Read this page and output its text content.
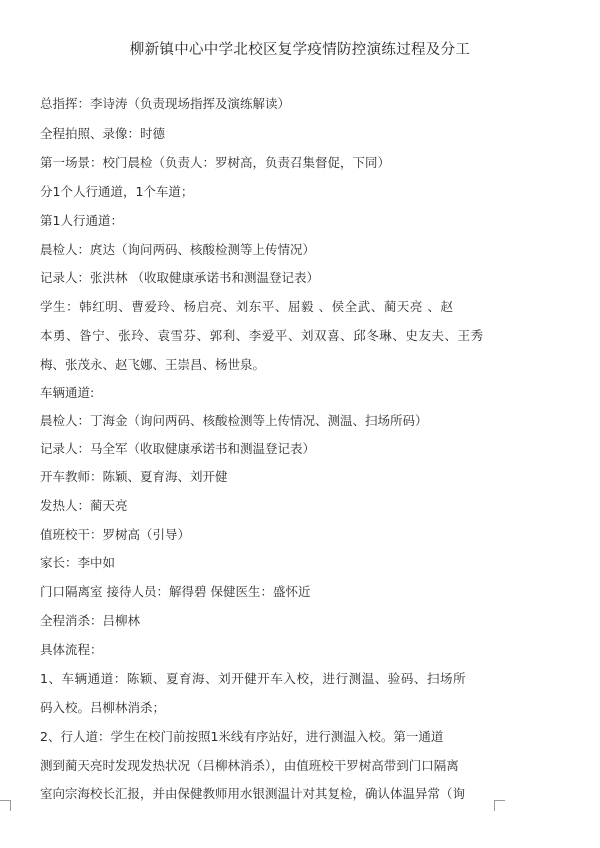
柳新镇中心中学北校区复学疫情防控演练过程及分工
总指挥：李诗涛（负责现场指挥及演练解读）
全程拍照、录像：时德
第一场景：校门晨检（负责人：罗树高，负责召集督促，下同）
分1个人行通道，1个车道；
第1人行通道：
晨检人：庹达（询问两码、核酸检测等上传情况）
记录人：张洪林 （收取健康承诺书和测温登记表）
学生：韩红明、曹爱玲、杨启亮、刘东平、屈毅 、侯全武、蔺天亮 、赵
本勇、昝宁、张玲、袁雪芬、郭利、李爱平、刘双喜、邱冬琳、史友夫、王秀
梅、张茂永、赵飞娜、王崇昌、杨世泉。
车辆通道:
晨检人：丁海金（询问两码、核酸检测等上传情况、测温、扫场所码）
记录人：马全军（收取健康承诺书和测温登记表）
开车教师：陈颖、夏育海、刘开健
发热人：蔺天亮
值班校干：罗树高（引导）
家长：李中如
门口隔离室 接待人员：解得碧 保健医生：盛怀近
全程消杀：吕柳林
具体流程：
1、车辆通道：陈颖、夏育海、刘开健开车入校，进行测温、验码、扫场所
码入校。吕柳林消杀；
2、行人道：学生在校门前按照1米线有序站好，进行测温入校。第一通道
测到蔺天亮时发现发热状况（吕柳林消杀），由值班校干罗树高带到门口隔离
室向宗海校长汇报，并由保健教师用水银测温计对其复检，确认体温异常（询
